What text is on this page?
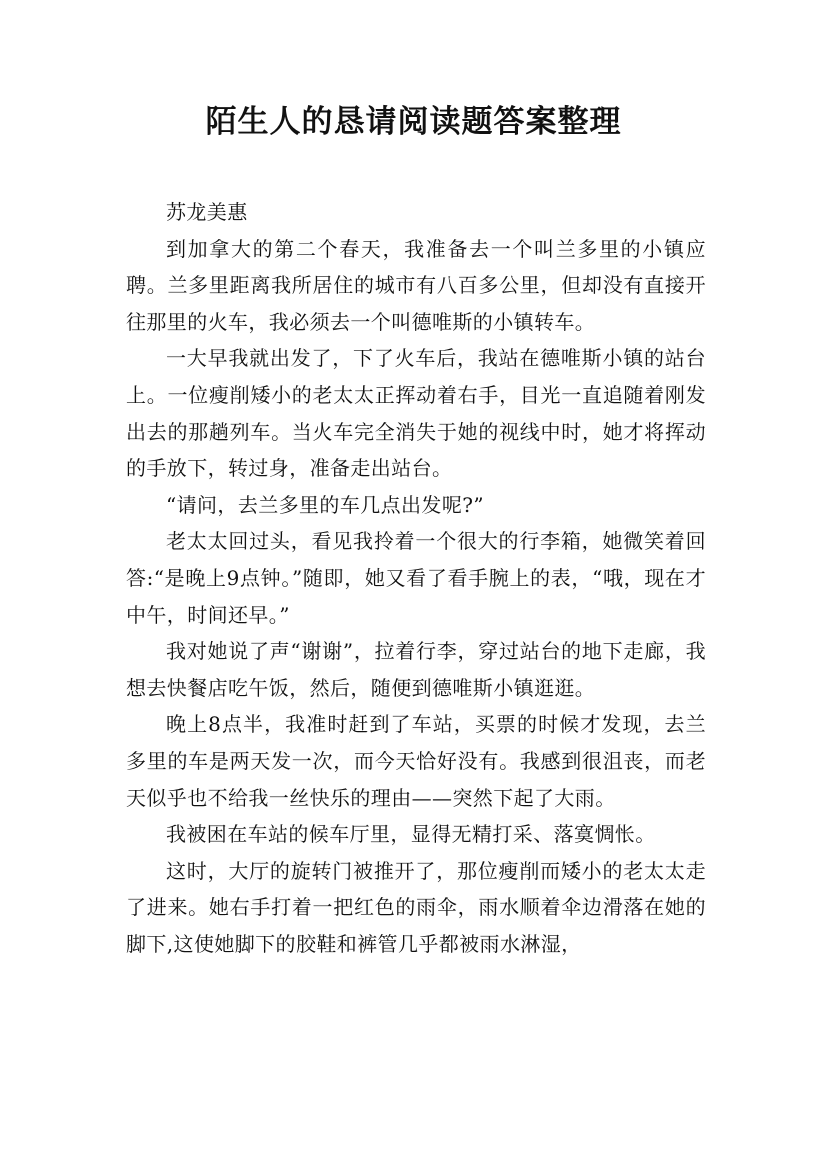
陌生人的恳请阅读题答案整理

苏龙美惠

到加拿大的第二个春天，我准备去一个叫兰多里的小镇应聘。兰多里距离我所居住的城市有八百多公里，但却没有直接开往那里的火车，我必须去一个叫德唯斯的小镇转车。

一大早我就出发了，下了火车后，我站在德唯斯小镇的站台上。一位瘦削矮小的老太太正挥动着右手，目光一直追随着刚发出去的那趟列车。当火车完全消失于她的视线中时，她才将挥动的手放下，转过身，准备走出站台。

“请问，去兰多里的车几点出发呢?”

老太太回过头，看见我拎着一个很大的行李箱，她微笑着回答:“是晚上9点钟。”随即，她又看了看手腕上的表，“哦，现在才中午，时间还早。”

我对她说了声“谢谢”，拉着行李，穿过站台的地下走廊，我想去快餐店吃午饭，然后，随便到德唯斯小镇逛逛。

晚上8点半，我准时赶到了车站，买票的时候才发现，去兰多里的车是两天发一次，而今天恰好没有。我感到很沮丧，而老天似乎也不给我一丝快乐的理由——突然下起了大雨。

我被困在车站的候车厅里，显得无精打采、落寞惆怅。

这时，大厅的旋转门被推开了，那位瘦削而矮小的老太太走了进来。她右手打着一把红色的雨伞，雨水顺着伞边滑落在她的脚下,这使她脚下的胶鞋和裤管几乎都被雨水淋湿，
